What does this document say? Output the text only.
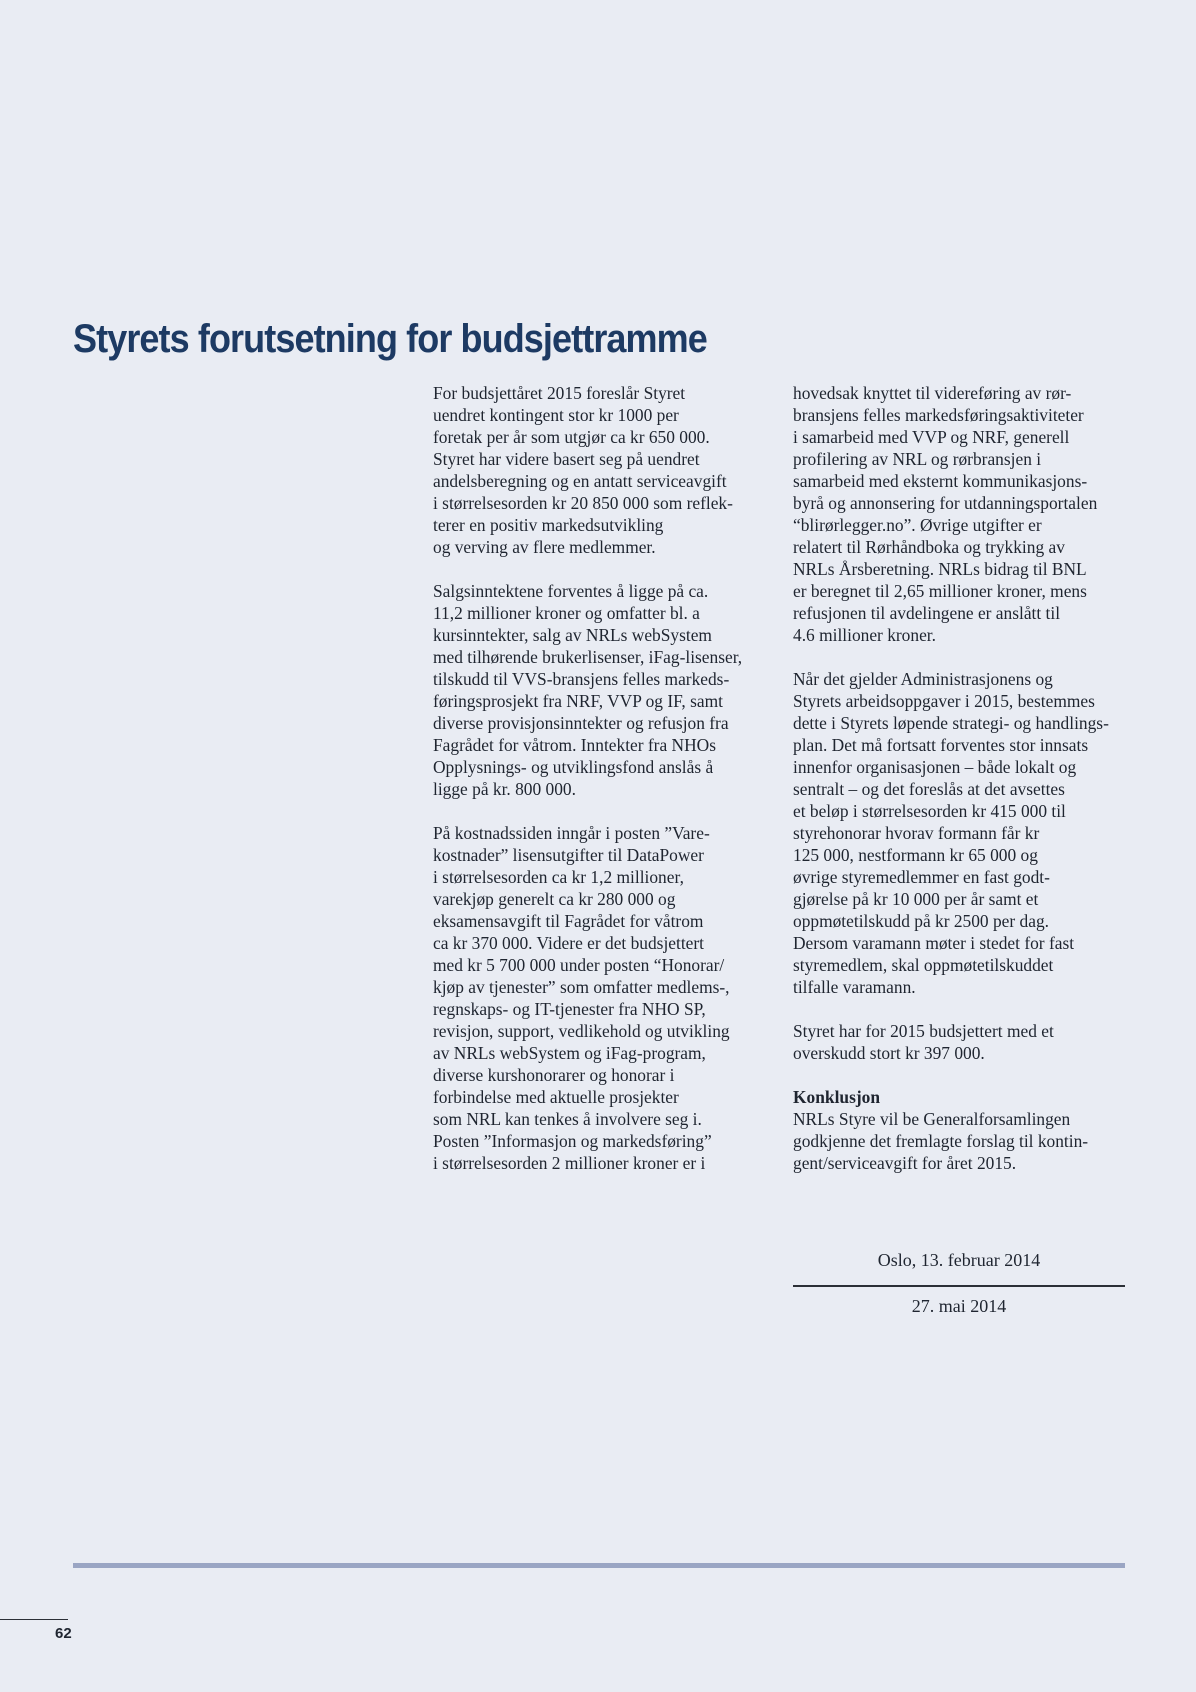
Styrets forutsetning for budsjettramme
For budsjettåret 2015 foreslår Styret
uendret kontingent stor kr 1000 per
foretak per år som utgjør ca kr 650 000.
Styret har videre basert seg på uendret
andelsberegning og en antatt serviceavgift
i størrelsesorden kr 20 850 000 som reflek-
terer en positiv markedsutvikling
og verving av flere medlemmer.
Salgsinntektene forventes å ligge på ca.
11,2 millioner kroner og omfatter bl. a
kursinntekter, salg av NRLs webSystem
med tilhørende brukerlisenser, iFag-lisenser,
tilskudd til VVS-bransjens felles markeds-
føringsprosjekt fra NRF, VVP og IF, samt
diverse provisjonsinntekter og refusjon fra
Fagrådet for våtrom. Inntekter fra NHOs
Opplysnings- og utviklingsfond anslås å
ligge på kr. 800 000.
På kostnadssiden inngår i posten ”Vare-
kostnader” lisensutgifter til DataPower
i størrelsesorden ca kr 1,2 millioner,
varekjøp generelt ca kr 280 000 og
eksamensavgift til Fagrådet for våtrom
ca kr 370 000. Videre er det budsjettert
med kr 5 700 000 under posten “Honorar/
kjøp av tjenester” som omfatter medlems-,
regnskaps- og IT-tjenester fra NHO SP,
revisjon, support, vedlikehold og utvikling
av NRLs webSystem og iFag-program,
diverse kurshonorarer og honorar i
forbindelse med aktuelle prosjekter
som NRL kan tenkes å involvere seg i.
Posten ”Informasjon og markedsføring”
i størrelsesorden 2 millioner kroner er i
hovedsak knyttet til videreføring av rør-
bransjens felles markedsføringsaktiviteter
i samarbeid med VVP og NRF, generell
profilering av NRL og rørbransjen i
samarbeid med eksternt kommunikasjons-
byrå og annonsering for utdanningsportalen
“blirørlegger.no”. Øvrige utgifter er
relatert til Rørhåndboka og trykking av
NRLs Årsberetning. NRLs bidrag til BNL
er beregnet til 2,65 millioner kroner, mens
refusjonen til avdelingene er anslått til
4.6 millioner kroner.
Når det gjelder Administrasjonens og
Styrets arbeidsoppgaver i 2015, bestemmes
dette i Styrets løpende strategi- og handlings-
plan. Det må fortsatt forventes stor innsats
innenfor organisasjonen – både lokalt og
sentralt – og det foreslås at det avsettes
et beløp i størrelsesorden kr 415 000 til
styrehonorar hvorav formann får kr
125 000, nestformann kr 65 000 og
øvrige styremedlemmer en fast godt-
gjørelse på kr 10 000 per år samt et
oppmøtetilskudd på kr 2500 per dag.
Dersom varamann møter i stedet for fast
styremedlem, skal oppmøtetilskuddet
tilfalle varamann.
Styret har for 2015 budsjettert med et
overskudd stort kr 397 000.
Konklusjon
NRLs Styre vil be Generalforsamlingen
godkjenne det fremlagte forslag til kontin-
gent/serviceavgift for året 2015.
Oslo, 13. februar 2014
27. mai 2014
62
